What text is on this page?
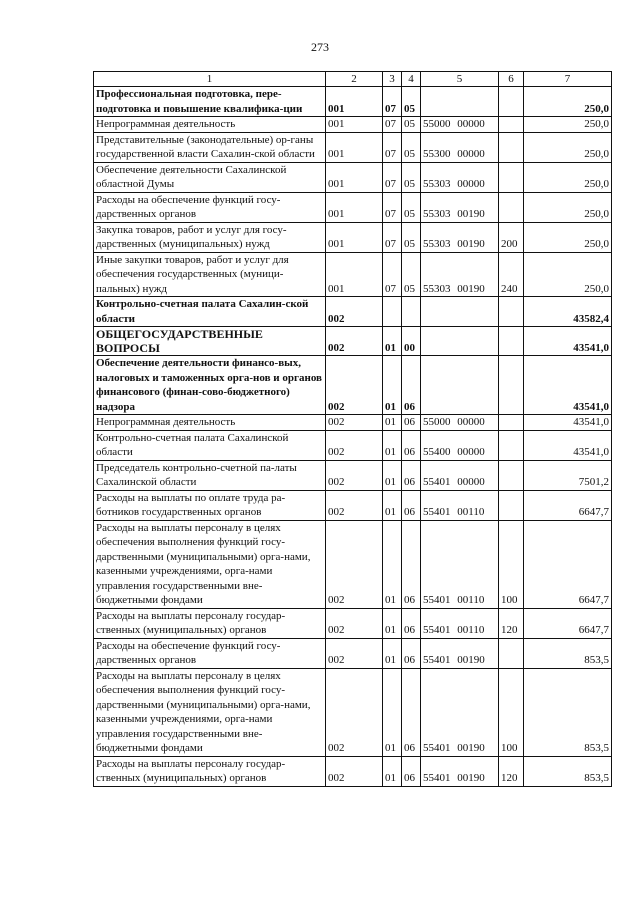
273
1	2	3	4	5	6	7
Профессиональная подготовка, пере-подготовка и повышение квалифика-ции	001	07	05			250,0
Непрограммная деятельность	001	07	05	55000 00000		250,0
Представительные (законодательные) ор-ганы государственной власти Сахалин-ской области	001	07	05	55300 00000		250,0
Обеспечение деятельности Сахалинской областной Думы	001	07	05	55303 00000		250,0
Расходы на обеспечение функций госу-дарственных органов	001	07	05	55303 00190		250,0
Закупка товаров, работ и услуг для госу-дарственных (муниципальных) нужд	001	07	05	55303 00190	200	250,0
Иные закупки товаров, работ и услуг для обеспечения государственных (муници-пальных) нужд	001	07	05	55303 00190	240	250,0
Контрольно-счетная палата Сахалин-ской области	002					43582,4
ОБЩЕГОСУДАРСТВЕННЫЕ ВОПРОСЫ	002	01	00			43541,0
Обеспечение деятельности финансо-вых, налоговых и таможенных орга-нов и органов финансового (финан-сово-бюджетного) надзора	002	01	06			43541,0
Непрограммная деятельность	002	01	06	55000 00000		43541,0
Контрольно-счетная палата Сахалинской области	002	01	06	55400 00000		43541,0
Председатель контрольно-счетной па-латы Сахалинской области	002	01	06	55401 00000		7501,2
Расходы на выплаты по оплате труда ра-ботников государственных органов	002	01	06	55401 00110		6647,7
Расходы на выплаты персоналу в целях обеспечения выполнения функций госу-дарственными (муниципальными) орга-нами, казенными учреждениями, орга-нами управления государственными вне-бюджетными фондами	002	01	06	55401 00110	100	6647,7
Расходы на выплаты персоналу государ-ственных (муниципальных) органов	002	01	06	55401 00110	120	6647,7
Расходы на обеспечение функций госу-дарственных органов	002	01	06	55401 00190		853,5
Расходы на выплаты персоналу в целях обеспечения выполнения функций госу-дарственными (муниципальными) орга-нами, казенными учреждениями, орга-нами управления государственными вне-бюджетными фондами	002	01	06	55401 00190	100	853,5
Расходы на выплаты персоналу государ-ственных (муниципальных) органов	002	01	06	55401 00190	120	853,5
